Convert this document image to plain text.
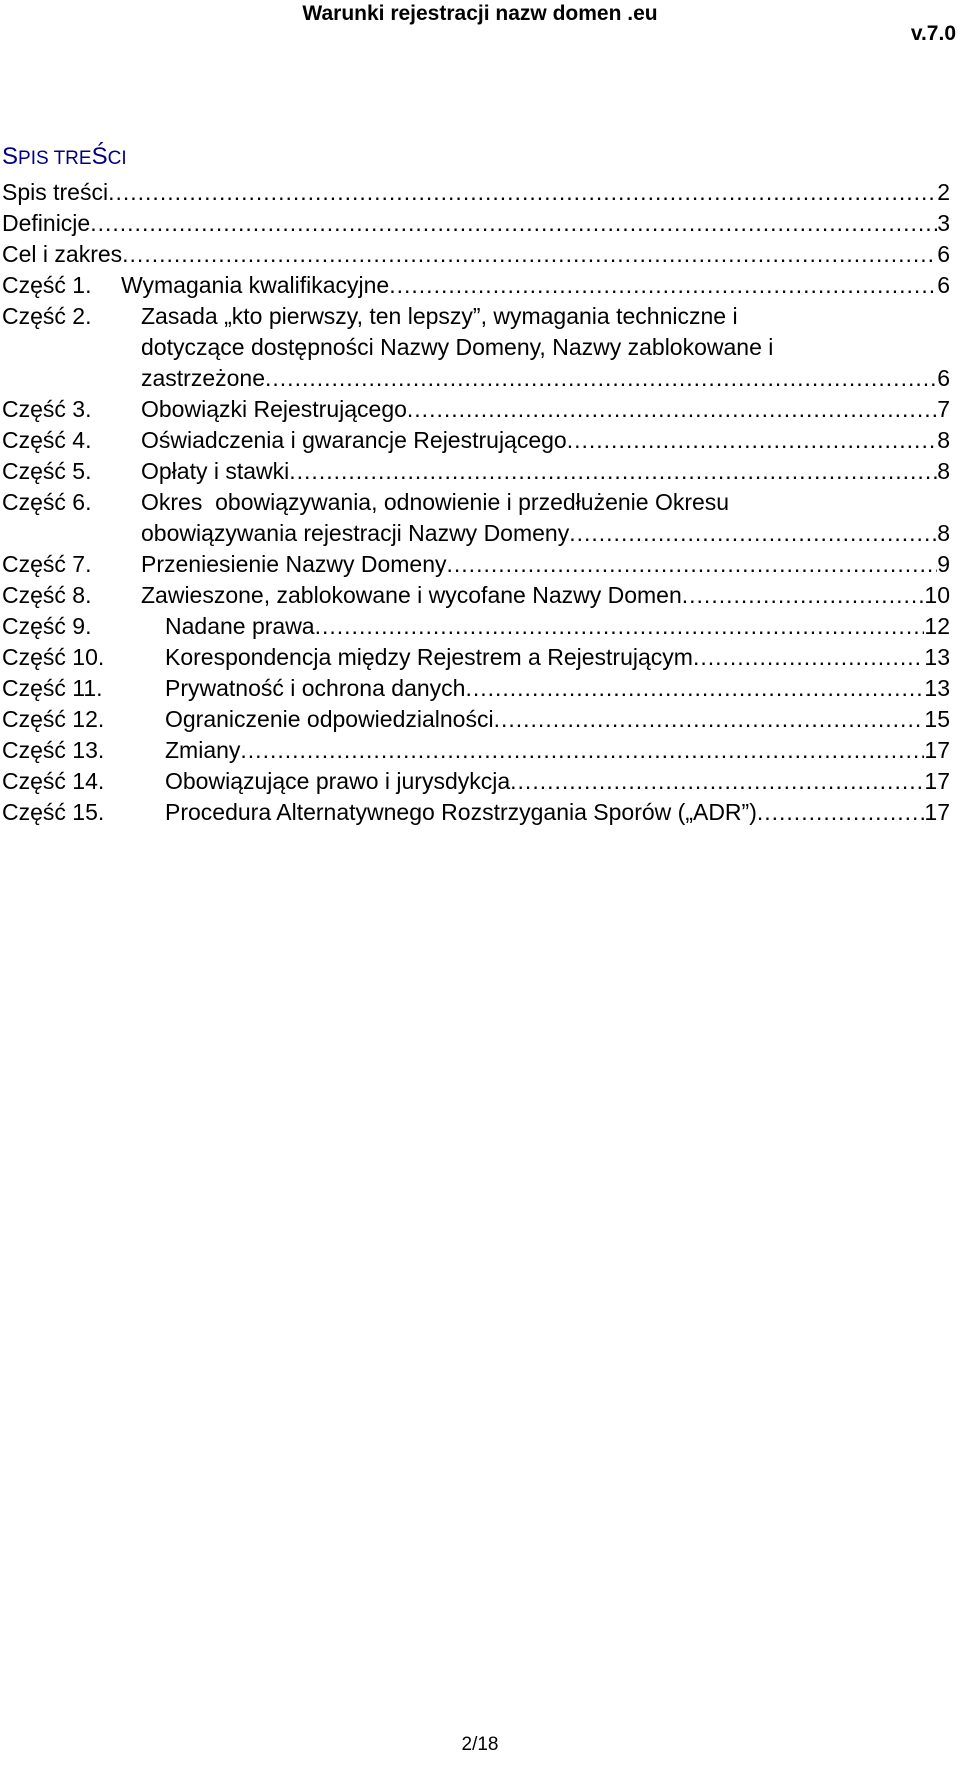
Warunki rejestracji nazw domen .eu
v.7.0
SPIS TREŚCI
Spis treści .....	2
Definicje .....	3
Cel i zakres .....	6
Część 1. Wymagania kwalifikacyjne .....	6
Część 2. Zasada „kto pierwszy, ten lepszy”, wymagania techniczne i
dotyczące dostępności Nazwy Domeny, Nazwy zablokowane i
zastrzeżone .....	6
Część 3. Obowiązki Rejestrującego .....	7
Część 4. Oświadczenia i gwarancje Rejestrującego .....	8
Część 5. Opłaty i stawki .....	8
Część 6. Okres  obowiązywania, odnowienie i przedłużenie Okresu
obowiązywania rejestracji Nazwy Domeny .....	8
Część 7. Przeniesienie Nazwy Domeny .....	9
Część 8. Zawieszone, zablokowane i wycofane Nazwy Domen .....	10
Część 9.	Nadane prawa .....	12
Część 10.	Korespondencja między Rejestrem a Rejestrującym .....	13
Część 11.	Prywatność i ochrona danych .....	13
Część 12.	Ograniczenie odpowiedzialności .....	15
Część 13.	Zmiany .....	17
Część 14.	Obowiązujące prawo i jurysdykcja .....	17
Część 15.	Procedura Alternatywnego Rozstrzygania Sporów („ADR”) .....	17
2/18
